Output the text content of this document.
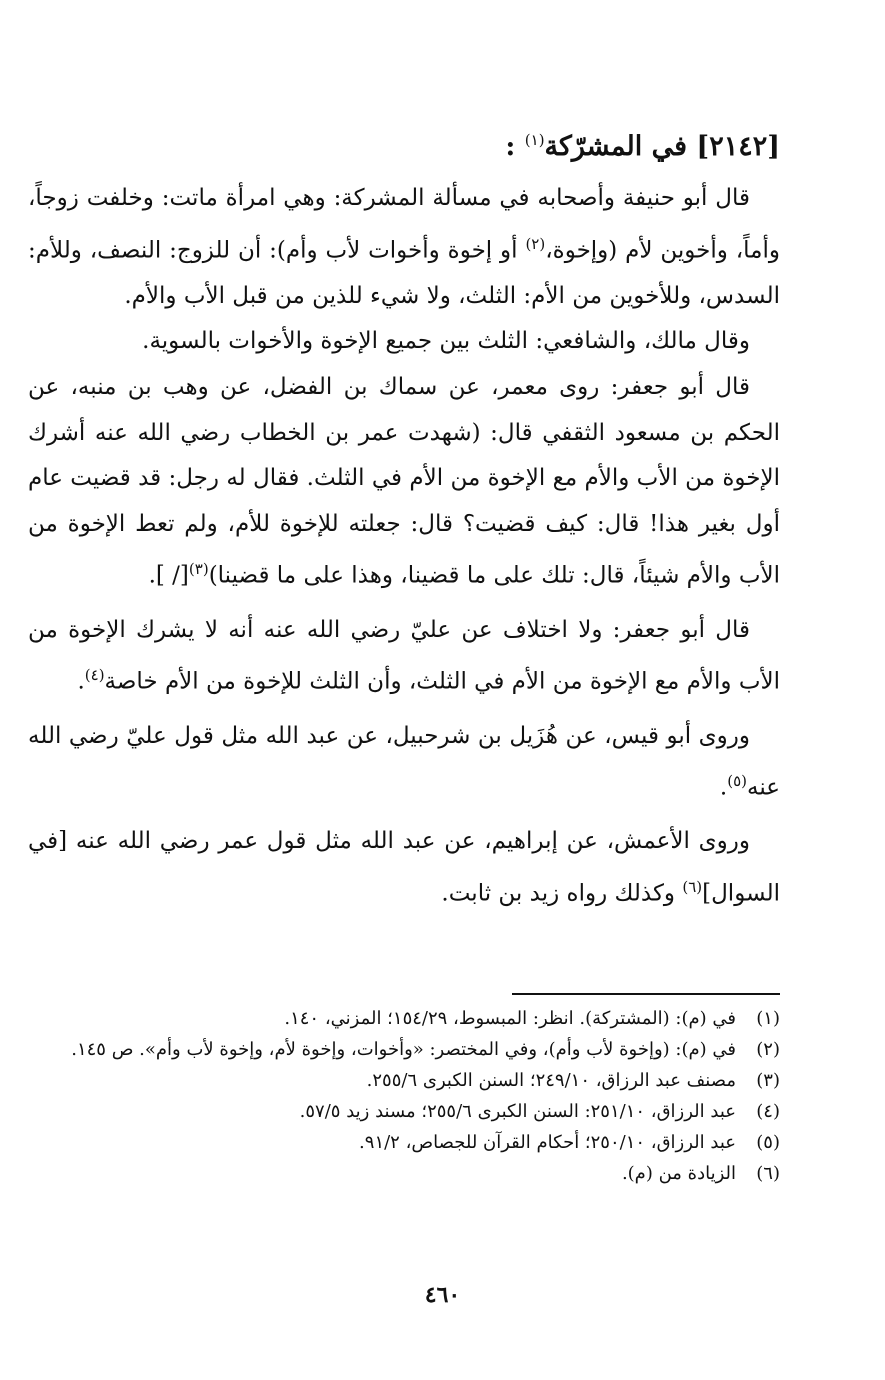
[٢١٤٢] في المشرّكة$^{(١)}$ :

قال أبو حنيفة وأصحابه في مسألة المشركة: وهي امرأة ماتت: وخلفت زوجاً، وأماً، وأخوين لأم (وإخوة،$^{(٢)}$ أو إخوة وأخوات لأب وأم): أن للزوج: النصف، وللأم: السدس، وللأخوين من الأم: الثلث، ولا شيء للذين من قبل الأب والأم.

وقال مالك، والشافعي: الثلث بين جميع الإخوة والأخوات بالسوية.

قال أبو جعفر: روى معمر، عن سماك بن الفضل، عن وهب بن منبه، عن الحكم بن مسعود الثقفي قال: (شهدت عمر بن الخطاب رضي الله عنه أشرك الإخوة من الأب والأم مع الإخوة من الأم في الثلث. فقال له رجل: قد قضيت عام أول بغير هذا! قال: كيف قضيت؟ قال: جعلته للإخوة للأم، ولم تعط الإخوة من الأب والأم شيئاً، قال: تلك على ما قضينا، وهذا على ما قضينا)$^{(٣)}$[/ ].

قال أبو جعفر: ولا اختلاف عن عليّ رضي الله عنه أنه لا يشرك الإخوة من الأب والأم مع الإخوة من الأم في الثلث، وأن الثلث للإخوة من الأم خاصة$^{(٤)}$.

وروى أبو قيس، عن هُزَيل بن شرحبيل، عن عبد الله مثل قول عليّ رضي الله عنه$^{(٥)}$.

وروى الأعمش، عن إبراهيم، عن عبد الله مثل قول عمر رضي الله عنه [في السوال]$^{(٦)}$ وكذلك رواه زيد بن ثابت.

(١)
في (م): (المشتركة). انظر: المبسوط، ١٥٤/٢٩؛ المزني، ١٤٠.
(٢)
في (م): (وإخوة لأب وأم)، وفي المختصر: «وأخوات، وإخوة لأم، وإخوة لأب وأم». ص ١٤٥.
(٣)
مصنف عبد الرزاق، ٢٤٩/١٠؛ السنن الكبرى ٢٥٥/٦.
(٤)
عبد الرزاق، ٢٥١/١٠: السنن الكبرى ٢٥٥/٦؛ مسند زيد ٥٧/٥.
(٥)
عبد الرزاق، ٢٥٠/١٠؛ أحكام القرآن للجصاص، ٩١/٢.
(٦)
الزيادة من (م).
٤٦٠
